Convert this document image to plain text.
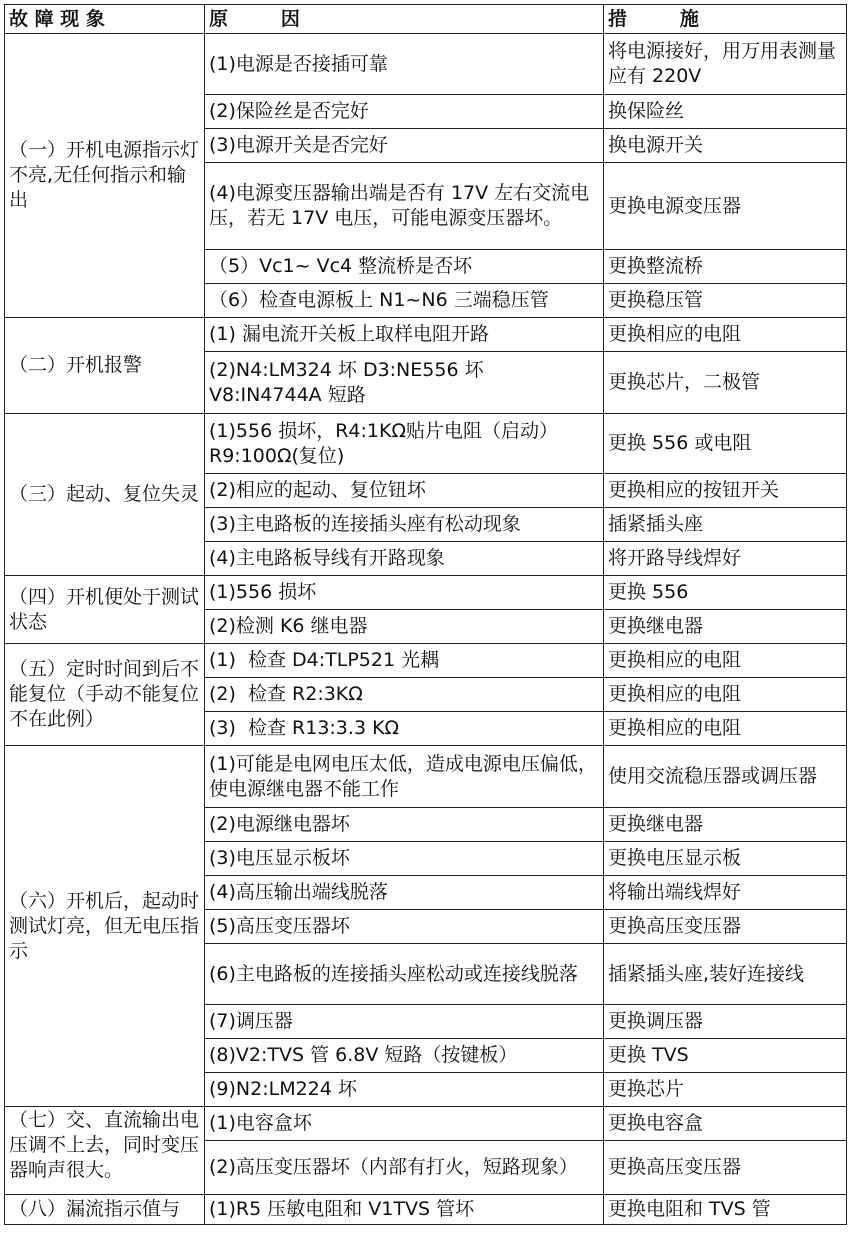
故 障 现 象	原        因	措        施
（一）开机电源指示灯不亮,无任何指示和输出	(1)电源是否接插可靠	将电源接好，用万用表测量应有 220V
	(2)保险丝是否完好	换保险丝
	(3)电源开关是否完好	换电源开关
	(4)电源变压器输出端是否有 17V 左右交流电压，若无 17V 电压，可能电源变压器坏。	更换电源变压器
	（5）Vc1~ Vc4 整流桥是否坏	更换整流桥
	（6）检查电源板上 N1~N6 三端稳压管	更换稳压管
（二）开机报警	(1) 漏电流开关板上取样电阻开路	更换相应的电阻
	(2)N4:LM324 坏 D3:NE556 坏 V8:IN4744A 短路	更换芯片，二极管
（三）起动、复位失灵	(1)556 损坏，R4:1KΩ贴片电阻（启动）R9:100Ω(复位)	更换 556 或电阻
	(2)相应的起动、复位钮坏	更换相应的按钮开关
	(3)主电路板的连接插头座有松动现象	插紧插头座
	(4)主电路板导线有开路现象	将开路导线焊好
（四）开机便处于测试状态	(1)556 损坏	更换 556
	(2)检测 K6 继电器	更换继电器
（五）定时时间到后不能复位（手动不能复位不在此例）	(1)  检查 D4:TLP521 光耦	更换相应的电阻
	(2)  检查 R2:3KΩ	更换相应的电阻
	(3)  检查 R13:3.3 KΩ	更换相应的电阻
（六）开机后，起动时测试灯亮，但无电压指示	(1)可能是电网电压太低，造成电源电压偏低，使电源继电器不能工作	使用交流稳压器或调压器
	(2)电源继电器坏	更换继电器
	(3)电压显示板坏	更换电压显示板
	(4)高压输出端线脱落	将输出端线焊好
	(5)高压变压器坏	更换高压变压器
	(6)主电路板的连接插头座松动或连接线脱落	插紧插头座,装好连接线
	(7)调压器	更换调压器
	(8)V2:TVS 管 6.8V 短路（按键板）	更换 TVS
	(9)N2:LM224 坏	更换芯片
（七）交、直流输出电压调不上去，同时变压器响声很大。	(1)电容盒坏	更换电容盒
	(2)高压变压器坏（内部有打火，短路现象）	更换高压变压器
（八）漏流指示值与	(1)R5 压敏电阻和 V1TVS 管坏	更换电阻和 TVS 管
